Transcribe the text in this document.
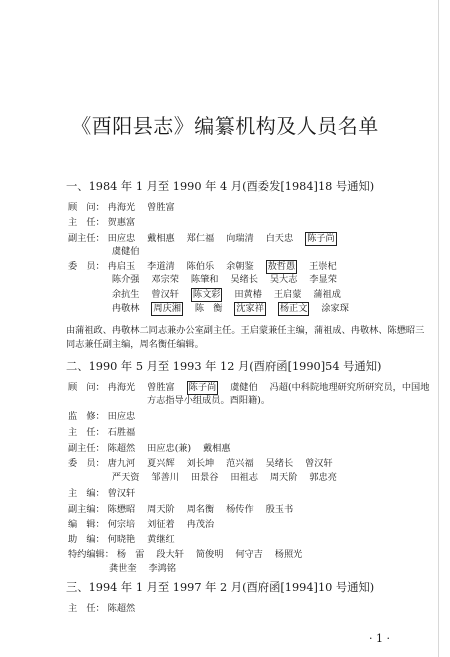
《酉阳县志》编纂机构及人员名单
一、1984 年 1 月至 1990 年 4 月(酉委发[1984]18 号通知)
顾　问： 冉海光 曾胜富
主　任： 贺惠富
副主任： 田应忠 戴相惠 郑仁福 向瑞清 白天忠 陈子尚
虞健伯
委　员： 冉启玉 李道清 陈伯乐 余朝鉴 敖哲愚 王崇杞
陈介强 邓宗荣 陈肇和 吴绪长 吴大志 李显荣
余抗生 曾汉轩 陈文彩 田黄椿 王启蒙 蒲祖成
冉敬林 周庆湘 陈　衡 沈家祥 杨正文 涂家琛
由蒲祖政、冉敬林二同志兼办公室副主任。王启蒙兼任主编，蒲祖成、冉敬林、陈懋昭三
同志兼任副主编，周名衡任编辑。
二、1990 年 5 月至 1993 年 12 月(酉府函[1990]54 号通知)
顾　问： 冉海光 曾胜富 陈子尚 虞健伯 冯超(中科院地理研究所研究员，中国地
方志指导小组成员。酉阳籍)。
监　修： 田应忠
主　任： 石胜福
副主任： 陈超然 田应忠(兼) 戴相惠
委　员： 唐九河 夏兴辉 刘长坤 范兴福 吴绪长 曾汉轩
严天资 邹善川 田景谷 田祖志 周天阶 郭忠亮
主　编： 曾汉轩
副主编： 陈懋昭 周天阶 周名衡 杨传作 殷玉书
编　辑： 何宗培 刘征着 冉茂治
助　编： 何晓艳 黄继红
特约编辑： 杨　雷 段大轩 简俊明 何守吉 杨照光
龚世奎 李鸿铭
三、1994 年 1 月至 1997 年 2 月(酉府函[1994]10 号通知)
主　任： 陈超然
· 1 ·
